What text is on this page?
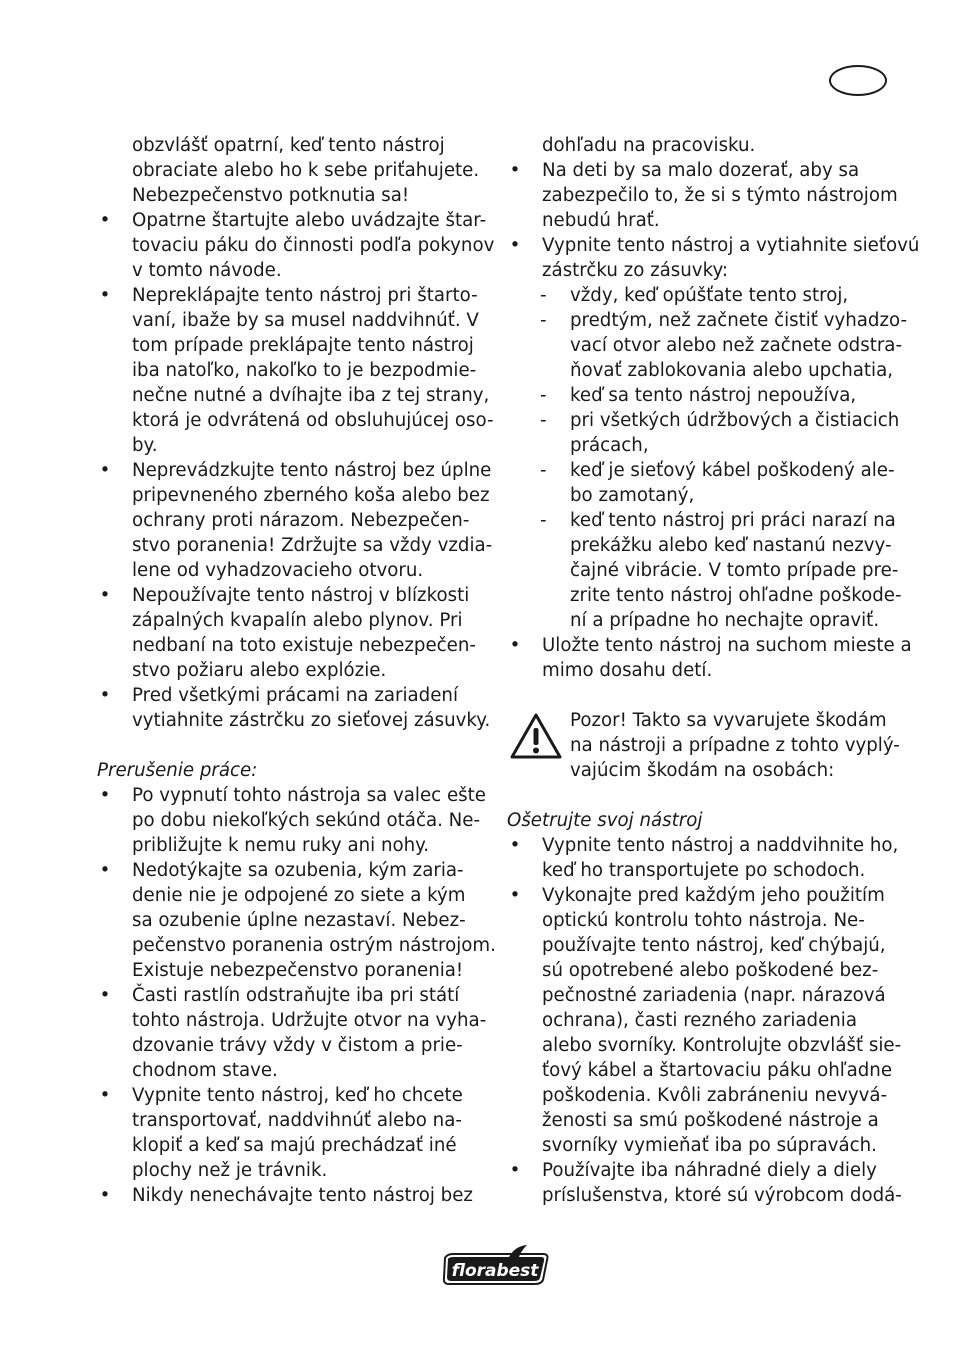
obzvlášť opatrní, keď tento nástroj
obraciate alebo ho k sebe priťahujete.
Nebezpečenstvo potknutia sa!
• Opatrne štartujte alebo uvádzajte štar-
tovaciu páku do činnosti podľa pokynov
v tomto návode.
• Nepreklápajte tento nástroj pri štarto-
vaní, ibaže by sa musel naddvihnúť. V
tom prípade preklápajte tento nástroj
iba natoľko, nakoľko to je bezpodmie-
nečne nutné a dvíhajte iba z tej strany,
ktorá je odvrátená od obsluhujúcej oso-
by.
• Neprevádzkujte tento nástroj bez úplne
pripevneného zberného koša alebo bez
ochrany proti nárazom. Nebezpečen-
stvo poranenia! Zdržujte sa vždy vzdia-
lene od vyhadzovacieho otvoru.
• Nepoužívajte tento nástroj v blízkosti
zápalných kvapalín alebo plynov. Pri
nedbaní na toto existuje nebezpečen-
stvo požiaru alebo explózie.
• Pred všetkými prácami na zariadení
vytiahnite zástrčku zo sieťovej zásuvky.
Prerušenie práce:
• Po vypnutí tohto nástroja sa valec ešte
po dobu niekoľkých sekúnd otáča. Ne-
približujte k nemu ruky ani nohy.
• Nedotýkajte sa ozubenia, kým zaria-
denie nie je odpojené zo siete a kým
sa ozubenie úplne nezastaví. Nebez-
pečenstvo poranenia ostrým nástrojom.
Existuje nebezpečenstvo poranenia!
• Časti rastlín odstraňujte iba pri státí
tohto nástroja. Udržujte otvor na vyha-
dzovanie trávy vždy v čistom a prie-
chodnom stave.
• Vypnite tento nástroj, keď ho chcete
transportovať, naddvihnúť alebo na-
klopiť a keď sa majú prechádzať iné
plochy než je trávnik.
• Nikdy nenechávajte tento nástroj bez
dohľadu na pracovisku.
• Na deti by sa malo dozerať, aby sa
zabezpečilo to, že si s týmto nástrojom
nebudú hrať.
• Vypnite tento nástroj a vytiahnite sieťovú
zástrčku zo zásuvky:
- vždy, keď opúšťate tento stroj,
- predtým, než začnete čistiť vyhadzo-
vací otvor alebo než začnete odstra-
ňovať zablokovania alebo upchatia,
- keď sa tento nástroj nepoužíva,
- pri všetkých údržbových a čistiacich
prácach,
- keď je sieťový kábel poškodený ale-
bo zamotaný,
- keď tento nástroj pri práci narazí na
prekážku alebo keď nastanú nezvy-
čajné vibrácie. V tomto prípade pre-
zrite tento nástroj ohľadne poškode-
ní a prípadne ho nechajte opraviť.
• Uložte tento nástroj na suchom mieste a
mimo dosahu detí.
Pozor! Takto sa vyvarujete škodám
na nástroji a prípadne z tohto vyplý-
vajúcim škodám na osobách:
Ošetrujte svoj nástroj
• Vypnite tento nástroj a naddvihnite ho,
keď ho transportujete po schodoch.
• Vykonajte pred každým jeho použitím
optickú kontrolu tohto nástroja. Ne-
používajte tento nástroj, keď chýbajú,
sú opotrebené alebo poškodené bez-
pečnostné zariadenia (napr. nárazová
ochrana), časti rezného zariadenia
alebo svorníky. Kontrolujte obzvlášť sie-
ťový kábel a štartovaciu páku ohľadne
poškodenia. Kvôli zabráneniu nevyvá-
ženosti sa smú poškodené nástroje a
svorníky vymieňať iba po súpravách.
• Používajte iba náhradné diely a diely
príslušenstva, ktoré sú výrobcom dodá-
florabest
